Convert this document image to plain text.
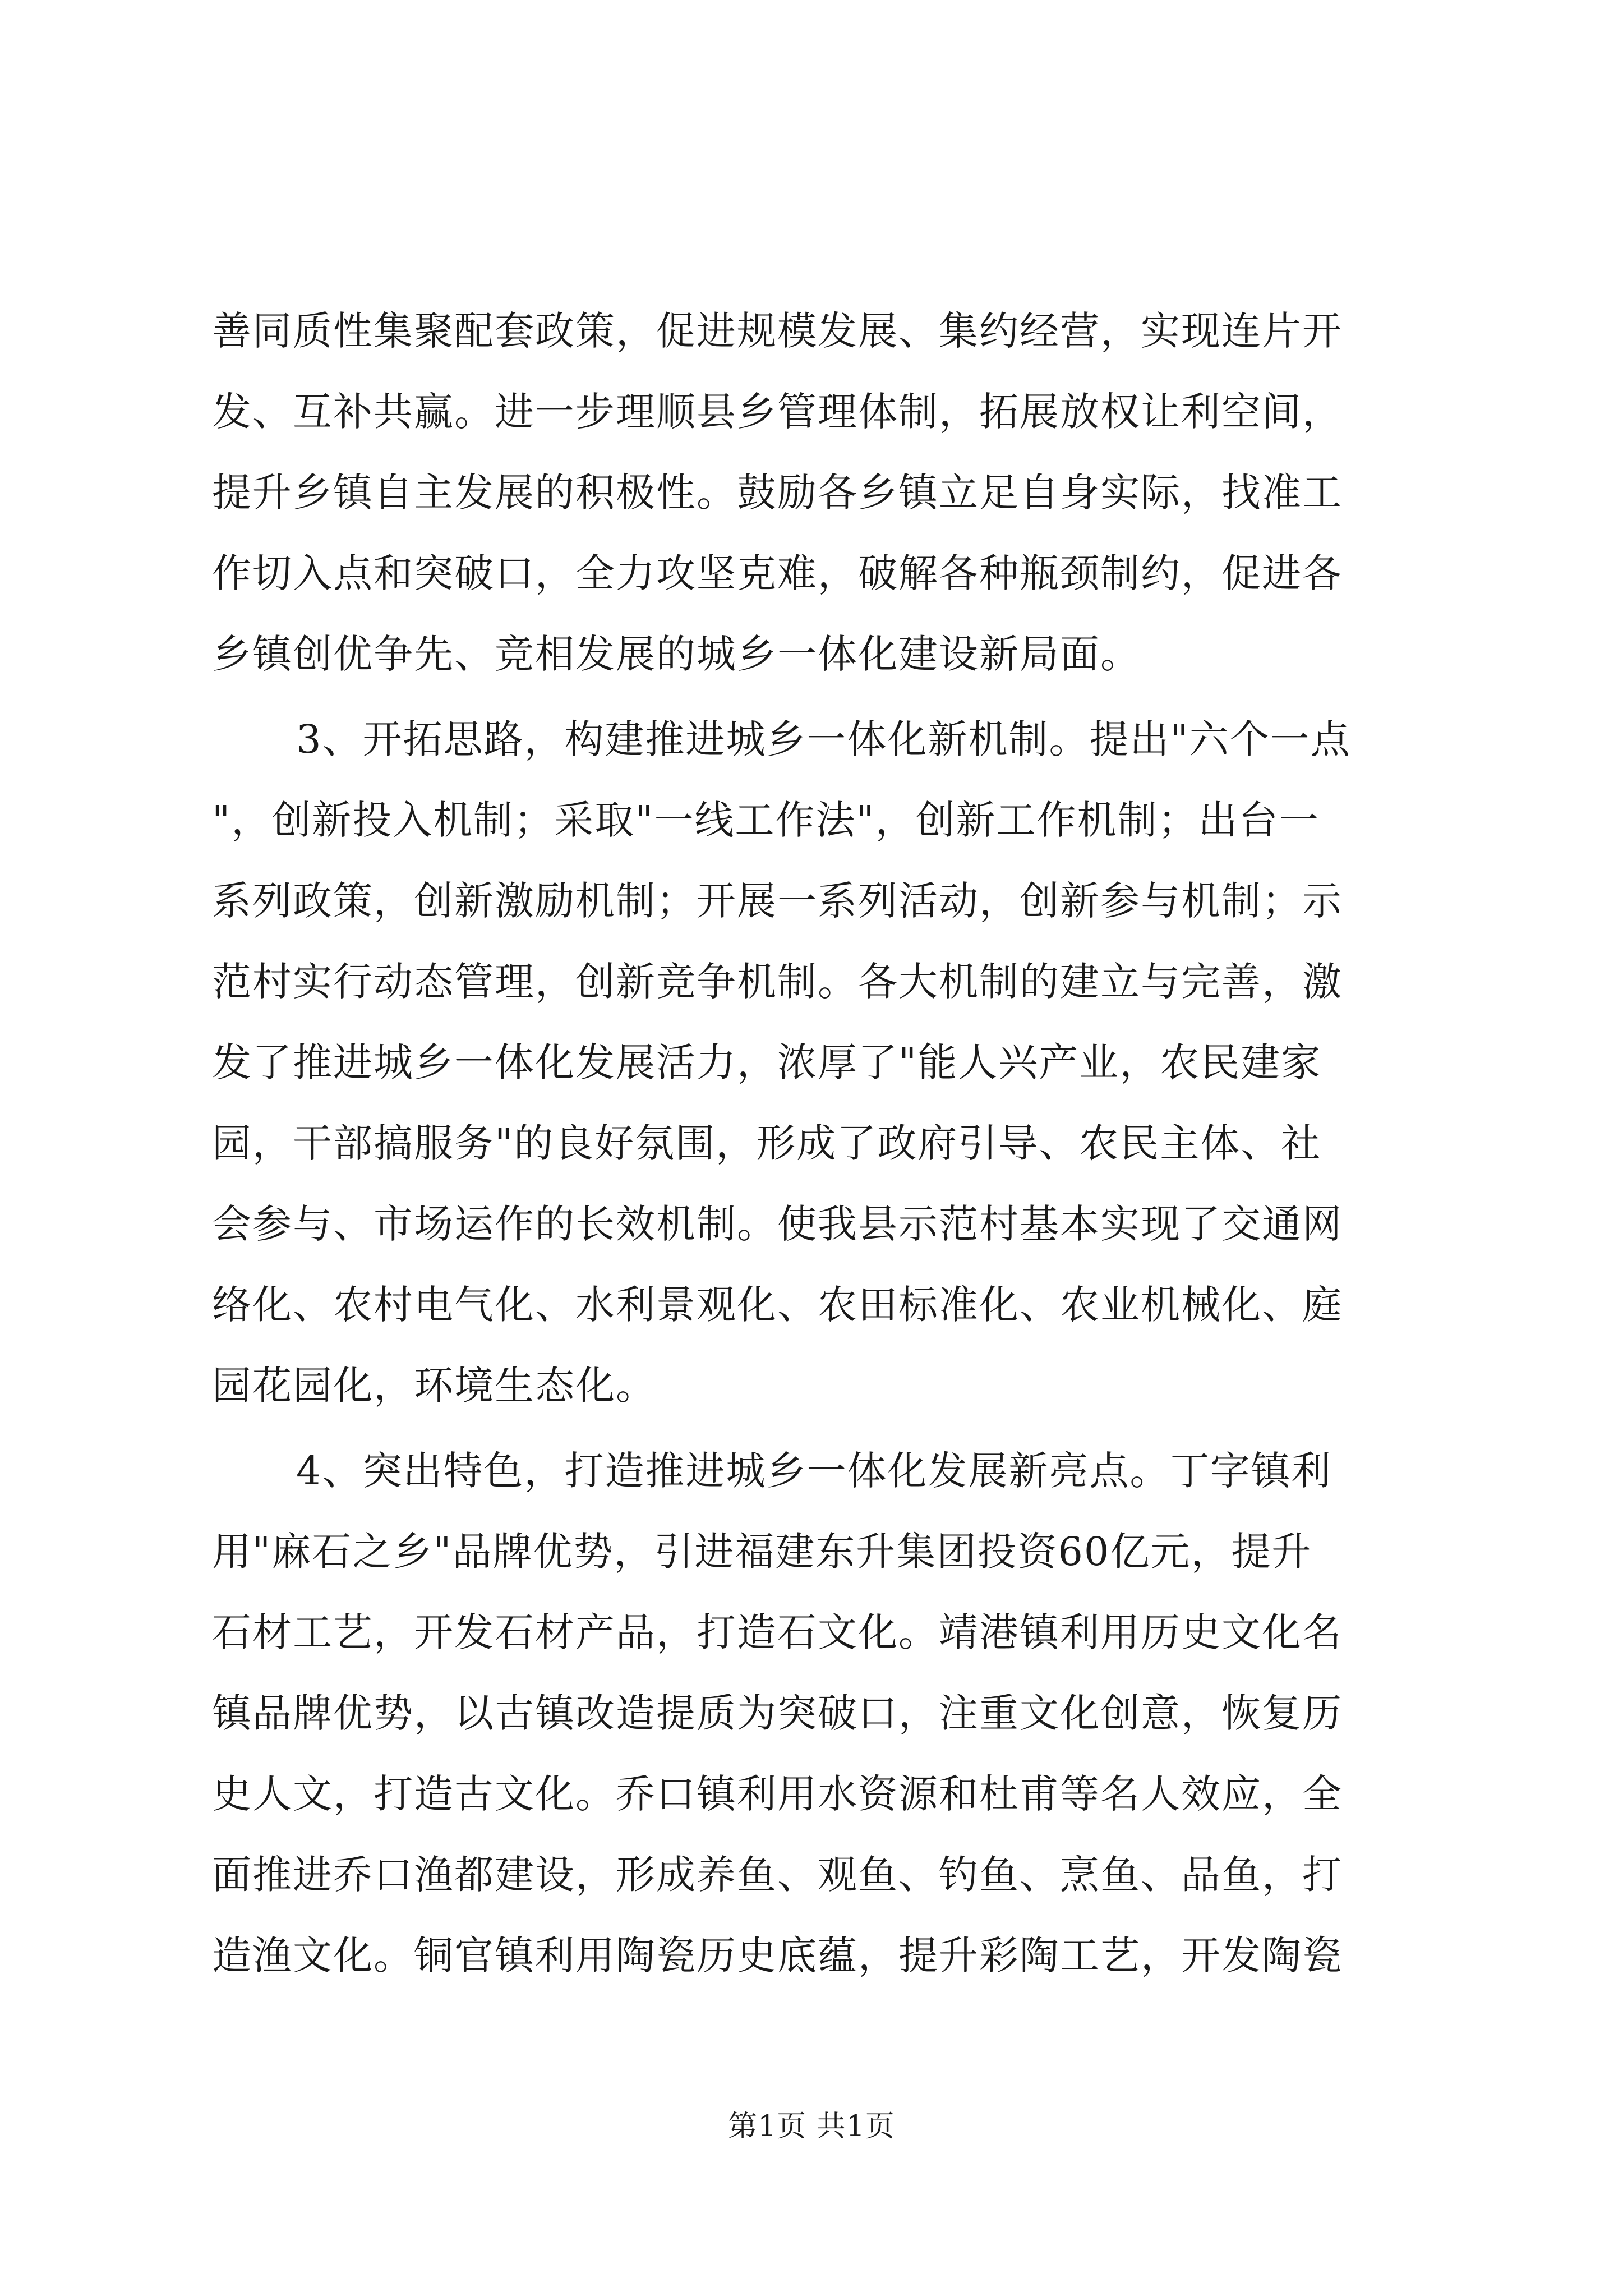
善同质性集聚配套政策，促进规模发展、集约经营，实现连片开
发、互补共赢。进一步理顺县乡管理体制，拓展放权让利空间，
提升乡镇自主发展的积极性。鼓励各乡镇立足自身实际，找准工
作切入点和突破口，全力攻坚克难，破解各种瓶颈制约，促进各
乡镇创优争先、竞相发展的城乡一体化建设新局面。
3、开拓思路，构建推进城乡一体化新机制。提出"六个一点
"，创新投入机制；采取"一线工作法"，创新工作机制；出台一
系列政策，创新激励机制；开展一系列活动，创新参与机制；示
范村实行动态管理，创新竞争机制。各大机制的建立与完善，激
发了推进城乡一体化发展活力，浓厚了"能人兴产业，农民建家
园，干部搞服务"的良好氛围，形成了政府引导、农民主体、社
会参与、市场运作的长效机制。使我县示范村基本实现了交通网
络化、农村电气化、水利景观化、农田标准化、农业机械化、庭
园花园化，环境生态化。
4、突出特色，打造推进城乡一体化发展新亮点。丁字镇利
用"麻石之乡"品牌优势，引进福建东升集团投资60亿元，提升
石材工艺，开发石材产品，打造石文化。靖港镇利用历史文化名
镇品牌优势，以古镇改造提质为突破口，注重文化创意，恢复历
史人文，打造古文化。乔口镇利用水资源和杜甫等名人效应，全
面推进乔口渔都建设，形成养鱼、观鱼、钓鱼、烹鱼、品鱼，打
造渔文化。铜官镇利用陶瓷历史底蕴，提升彩陶工艺，开发陶瓷
第1页 共1页
